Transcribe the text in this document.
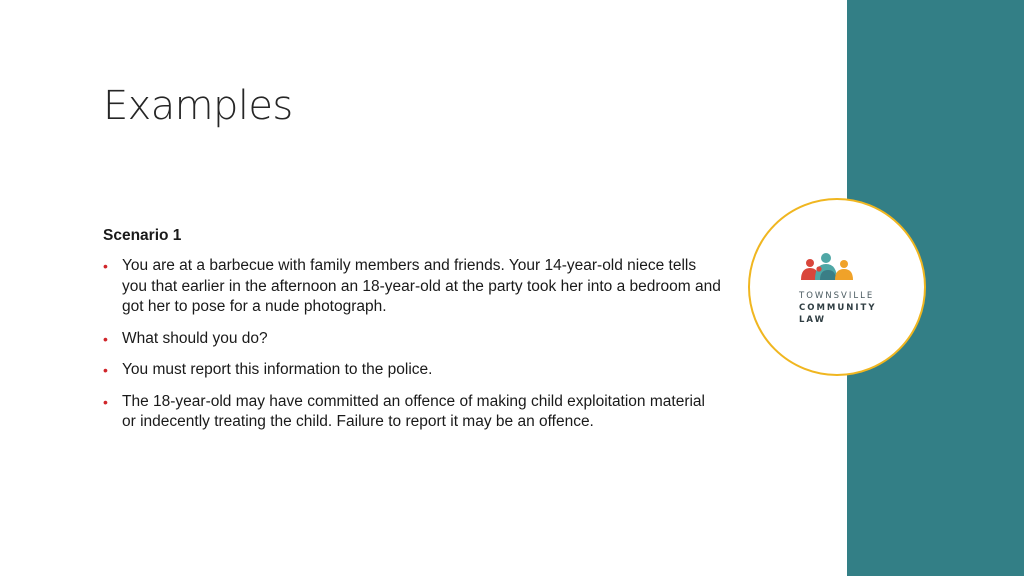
Examples
Scenario 1
• You are at a barbecue with family members and friends. Your 14-year-old niece tells you that earlier in the afternoon an 18-year-old at the party took her into a bedroom and got her to pose for a nude photograph.
• What should you do?
• You must report this information to the police.
• The 18-year-old may have committed an offence of making child exploitation material or indecently treating the child. Failure to report it may be an offence.
TOWNSVILLE
COMMUNITY
LAW
